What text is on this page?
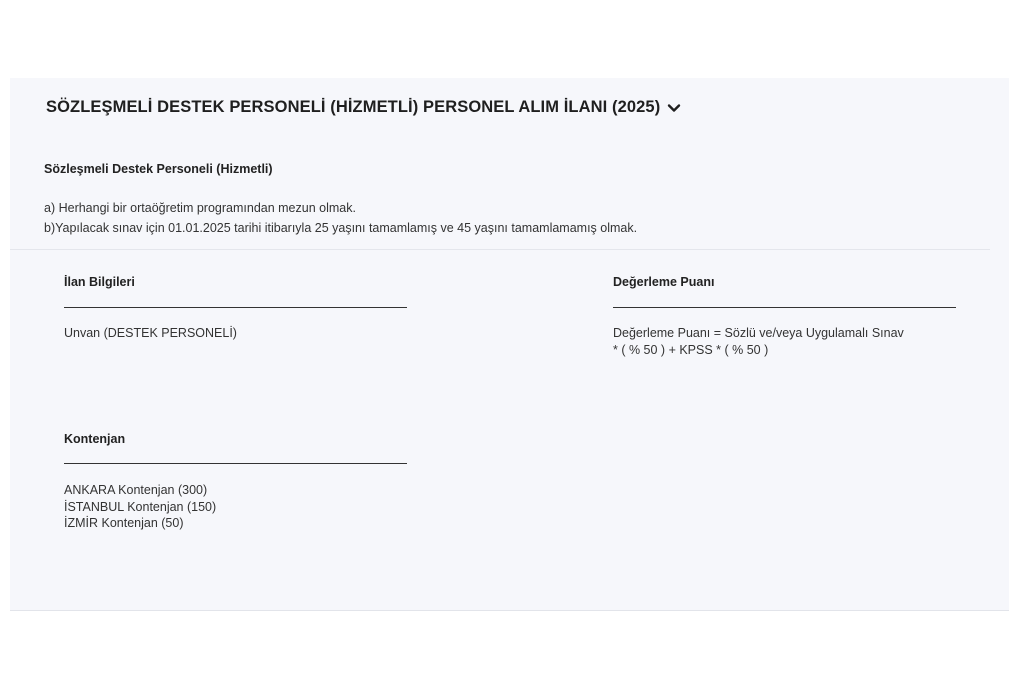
SÖZLEŞMELİ DESTEK PERSONELİ (HİZMETLİ) PERSONEL ALIM İLANI (2025)
Sözleşmeli Destek Personeli (Hizmetli)
a) Herhangi bir ortaöğretim programından mezun olmak.
b)Yapılacak sınav için 01.01.2025 tarihi itibarıyla 25 yaşını tamamlamış ve 45 yaşını tamamlamamış olmak.
İlan Bilgileri
Unvan (DESTEK PERSONELİ)
Değerleme Puanı
Değerleme Puanı = Sözlü ve/veya Uygulamalı Sınav
* ( % 50 ) + KPSS * ( % 50 )
Kontenjan
ANKARA Kontenjan (300)
İSTANBUL Kontenjan (150)
İZMİR Kontenjan (50)
